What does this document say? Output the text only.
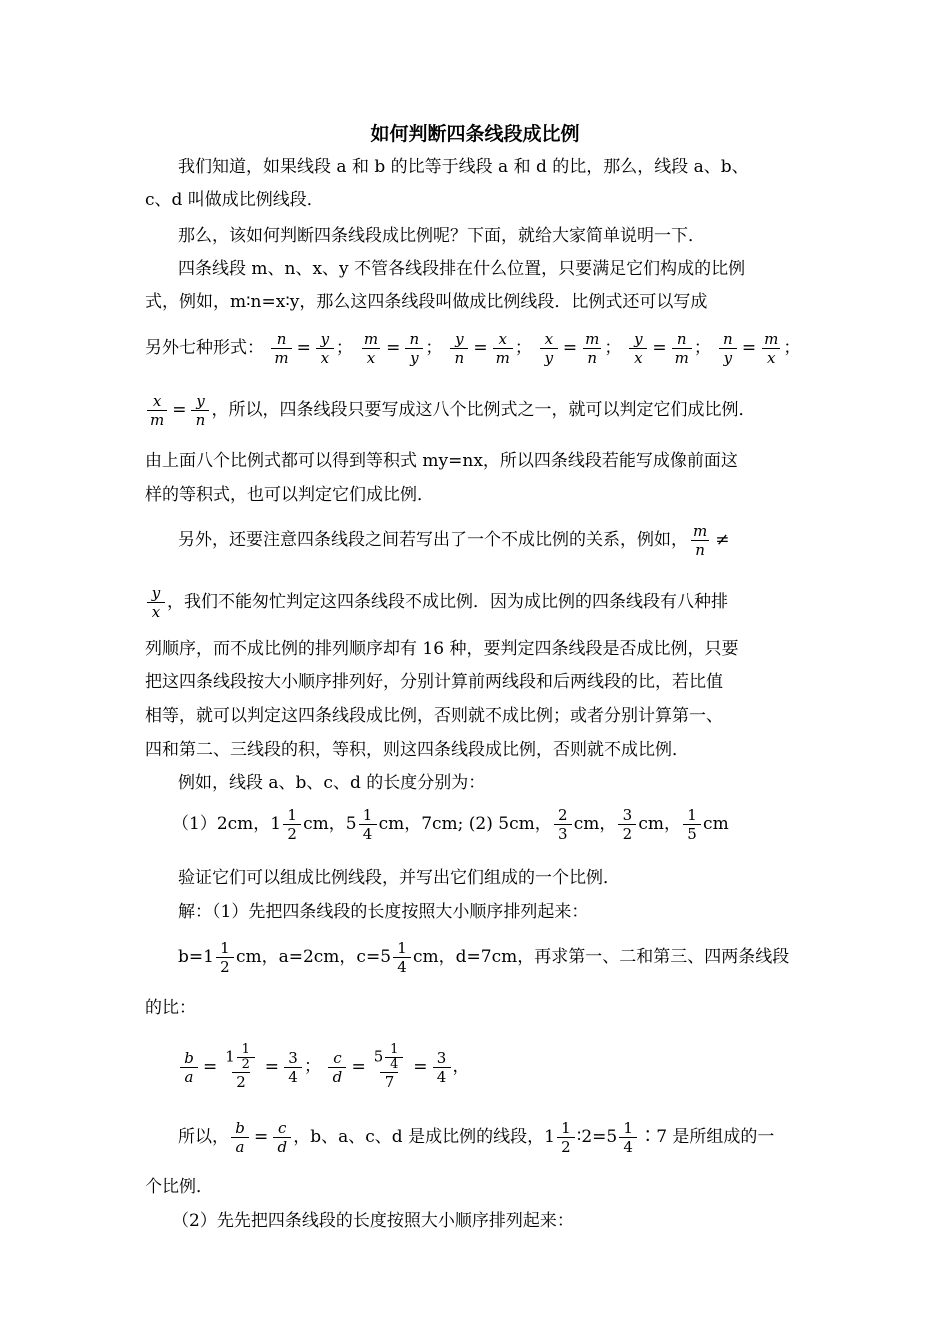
如何判断四条线段成比例
我们知道，如果线段 a 和 b 的比等于线段 a 和 d 的比，那么，线段 a、b、
c、d 叫做成比例线段．
那么，该如何判断四条线段成比例呢？下面，就给大家简单说明一下．
四条线段 m、n、x、y 不管各线段排在什么位置，只要满足它们构成的比例
式，例如，m∶n=x∶y，那么这四条线段叫做成比例线段．比例式还可以写成
另外七种形式： $\frac{n}{m} = \frac{y}{x}$ ； $\frac{m}{x} = \frac{n}{y}$ ； $\frac{y}{n} = \frac{x}{m}$ ； $\frac{x}{y} = \frac{m}{n}$ ； $\frac{y}{x} = \frac{n}{m}$ ； $\frac{n}{y} = \frac{m}{x}$ ；
$\frac{x}{m} = \frac{y}{n}$ ，所以，四条线段只要写成这八个比例式之一，就可以判定它们成比例．
由上面八个比例式都可以得到等积式 my=nx，所以四条线段若能写成像前面这
样的等积式，也可以判定它们成比例．
另外，还要注意四条线段之间若写出了一个不成比例的关系，例如， $\frac{m}{n}$ ≠
$\frac{y}{x}$ ，我们不能匆忙判定这四条线段不成比例．因为成比例的四条线段有八种排
列顺序，而不成比例的排列顺序却有 16 种，要判定四条线段是否成比例，只要
把这四条线段按大小顺序排列好，分别计算前两线段和后两线段的比，若比值
相等，就可以判定这四条线段成比例，否则就不成比例；或者分别计算第一、
四和第二、三线段的积，等积，则这四条线段成比例，否则就不成比例．
例如，线段 a、b、c、d 的长度分别为：
（1）2cm，$1 \frac{1}{2}$ cm，$5 \frac{1}{4}$ cm，7cm; (2) 5cm， $\frac{2}{3}$ cm， $\frac{3}{2}$ cm， $\frac{1}{5}$ cm
验证它们可以组成比例线段，并写出它们组成的一个比例．
解：（1）先把四条线段的长度按照大小顺序排列起来：
$b=1 \frac{1}{2}$ cm，a=2cm，$c=5 \frac{1}{4}$ cm，d=7cm，再求第一、二和第三、四两条线段
的比：
$\frac{b}{a} = \frac{1 \frac{1}{2}}{2} = \frac{3}{4}$ ； $\frac{c}{d} = \frac{5 \frac{1}{4}}{7} = \frac{3}{4}$ ，
所以， $\frac{b}{a} = \frac{c}{d}$ ，b、a、c、d 是成比例的线段，$1 \frac{1}{2}$ ∶2=5 $\frac{1}{4}$ ∶7 是所组成的一
个比例．
（2）先先把四条线段的长度按照大小顺序排列起来：
